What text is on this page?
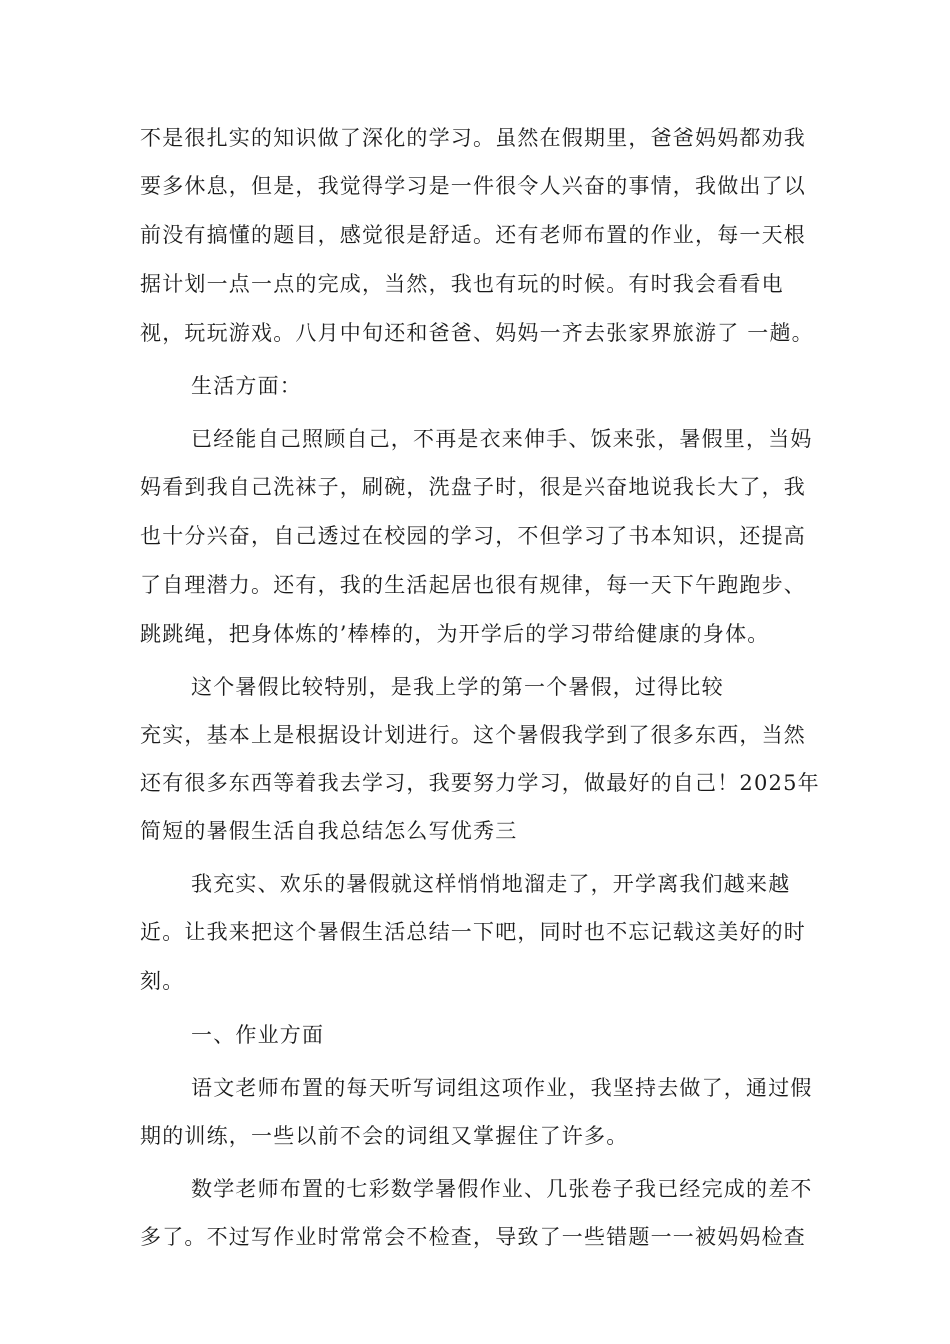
不是很扎实的知识做了深化的学习。虽然在假期里，爸爸妈妈都劝我
要多休息，但是，我觉得学习是一件很令人兴奋的事情，我做出了以
前没有搞懂的题目，感觉很是舒适。还有老师布置的作业，每一天根
据计划一点一点的完成，当然，我也有玩的时候。有时我会看看电
视，玩玩游戏。八月中旬还和爸爸、妈妈一齐去张家界旅游了 一趟。
生活方面：
已经能自己照顾自己，不再是衣来伸手、饭来张，暑假里，当妈
妈看到我自己洗袜子，刷碗，洗盘子时，很是兴奋地说我长大了，我
也十分兴奋，自己透过在校园的学习，不但学习了书本知识，还提高
了自理潜力。还有，我的生活起居也很有规律，每一天下午跑跑步、
跳跳绳，把身体炼的’棒棒的，为开学后的学习带给健康的身体。
这个暑假比较特别，是我上学的第一个暑假，过得比较
充实，基本上是根据设计划进行。这个暑假我学到了很多东西，当然
还有很多东西等着我去学习，我要努力学习，做最好的自己！2025年
简短的暑假生活自我总结怎么写优秀三
我充实、欢乐的暑假就这样悄悄地溜走了，开学离我们越来越
近。让我来把这个暑假生活总结一下吧，同时也不忘记载这美好的时
刻。
一、作业方面
语文老师布置的每天听写词组这项作业，我坚持去做了，通过假
期的训练，一些以前不会的词组又掌握住了许多。
数学老师布置的七彩数学暑假作业、几张卷子我已经完成的差不
多了。不过写作业时常常会不检查，导致了一些错题一一被妈妈检查
